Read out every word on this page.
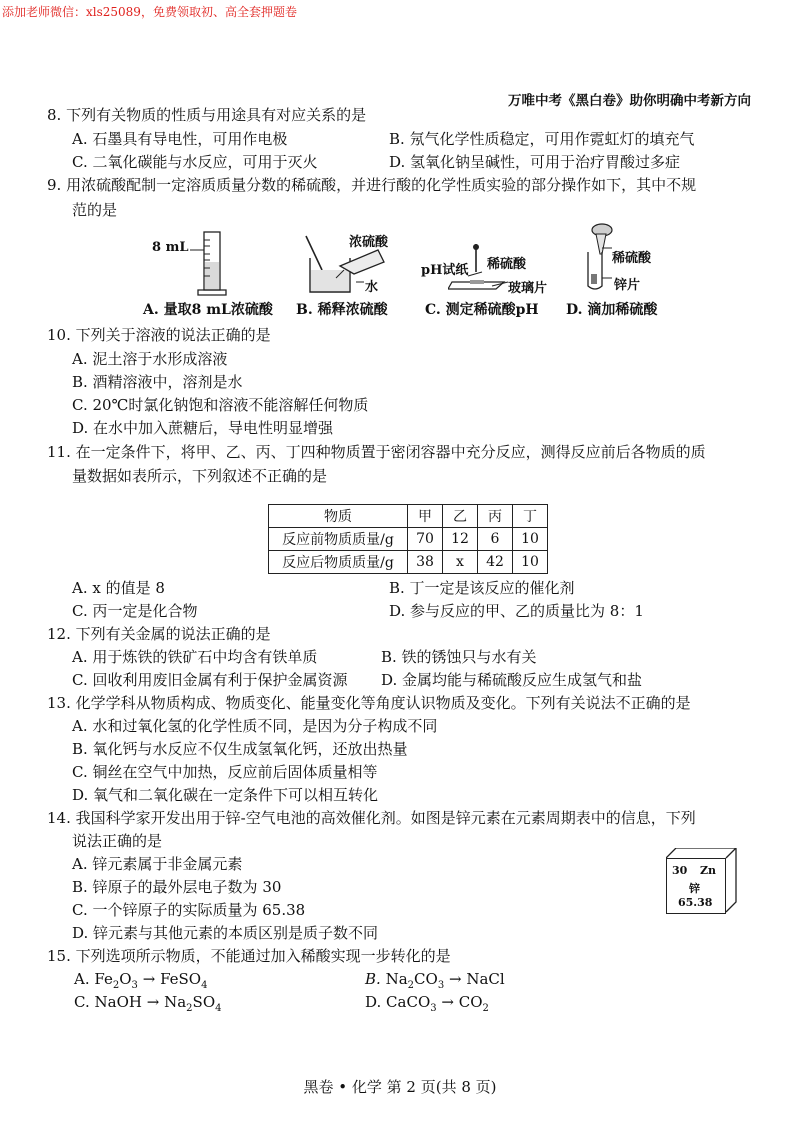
添加老师微信：xls25089，免费领取初、高全套押题卷
万唯中考《黑白卷》助你明确中考新方向
8. 下列有关物质的性质与用途具有对应关系的是
A. 石墨具有导电性，可用作电极	B. 氖气化学性质稳定，可用作霓虹灯的填充气
C. 二氧化碳能与水反应，可用于灭火	D. 氢氧化钠呈碱性，可用于治疗胃酸过多症
9. 用浓硫酸配制一定溶质质量分数的稀硫酸，并进行酸的化学性质实验的部分操作如下，其中不规
范的是
8 mL
A. 量取8 mL浓硫酸
浓硫酸
水
B. 稀释浓硫酸
pH试纸 稀硫酸
玻璃片
C. 测定稀硫酸pH
稀硫酸
锌片
D. 滴加稀硫酸
10. 下列关于溶液的说法正确的是
A. 泥土溶于水形成溶液
B. 酒精溶液中，溶剂是水
C. 20℃时氯化钠饱和溶液不能溶解任何物质
D. 在水中加入蔗糖后，导电性明显增强
11. 在一定条件下，将甲、乙、丙、丁四种物质置于密闭容器中充分反应，测得反应前后各物质的质
量数据如表所示，下列叙述不正确的是
物质	甲	乙	丙	丁
反应前物质质量/g	70	12	6	10
反应后物质质量/g	38	x	42	10
A. x 的值是 8	B. 丁一定是该反应的催化剂
C. 丙一定是化合物	D. 参与反应的甲、乙的质量比为 8：1
12. 下列有关金属的说法正确的是
A. 用于炼铁的铁矿石中均含有铁单质	B. 铁的锈蚀只与水有关
C. 回收利用废旧金属有利于保护金属资源 D. 金属均能与稀硫酸反应生成氢气和盐
13. 化学学科从物质构成、物质变化、能量变化等角度认识物质及变化。下列有关说法不正确的是
A. 水和过氧化氢的化学性质不同，是因为分子构成不同
B. 氧化钙与水反应不仅生成氢氧化钙，还放出热量
C. 铜丝在空气中加热，反应前后固体质量相等
D. 氧气和二氧化碳在一定条件下可以相互转化
14. 我国科学家开发出用于锌-空气电池的高效催化剂。如图是锌元素在元素周期表中的信息，下列
说法正确的是
A. 锌元素属于非金属元素
B. 锌原子的最外层电子数为 30
C. 一个锌原子的实际质量为 65.38
D. 锌元素与其他元素的本质区别是质子数不同
30 Zn
锌
65.38
15. 下列选项所示物质，不能通过加入稀酸实现一步转化的是
A. $Fe_2O_3$ → FeSO$_4$	B. $Na_2CO_3$ → NaCl
C. NaOH → $Na_2SO_4$	D. CaCO$_3$ → $CO_2$
黑卷 • 化学 第 2 页(共 8 页)
